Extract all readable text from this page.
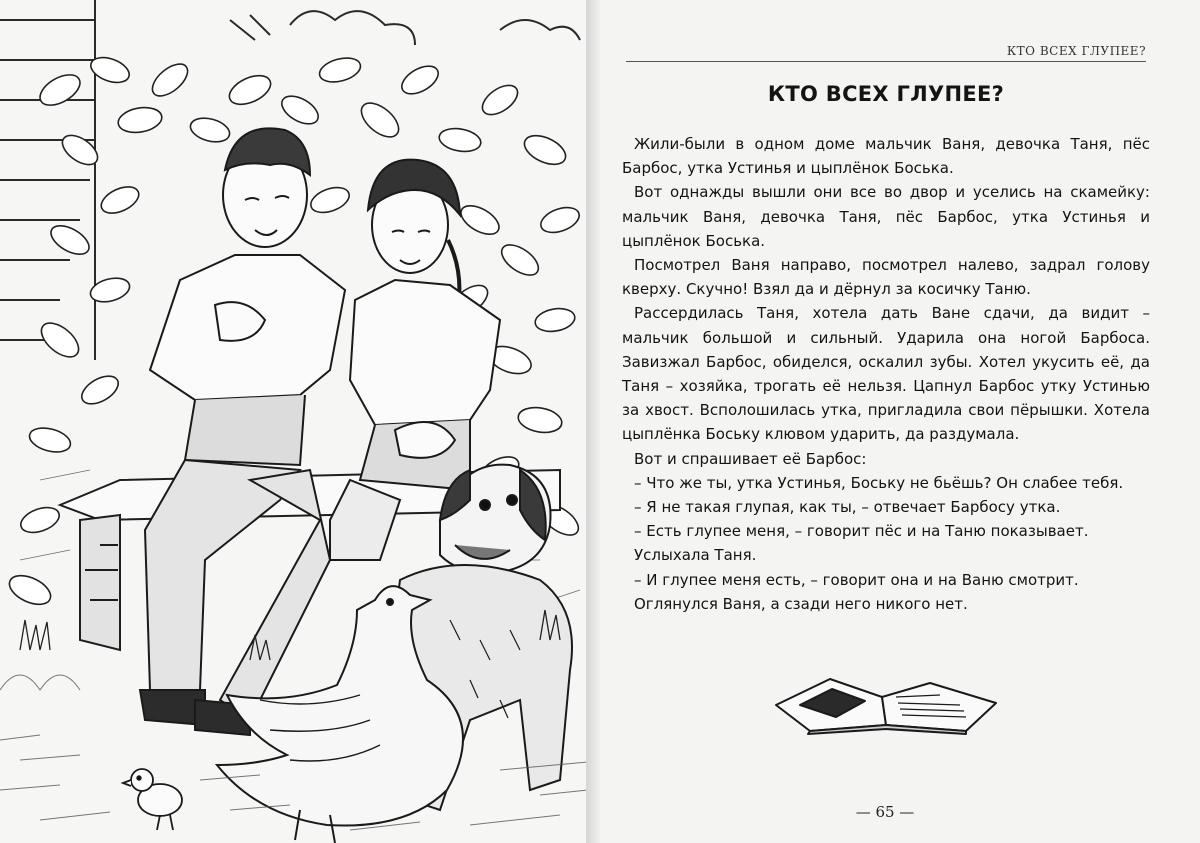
КТО ВСЕХ ГЛУПЕЕ?
КТО ВСЕХ ГЛУПЕЕ?

Жили-были в одном доме мальчик Ваня, девочка Таня, пёс Барбос, утка Устинья и цыплёнок Боська.

Вот однажды вышли они все во двор и уселись на скамейку: мальчик Ваня, девочка Таня, пёс Барбос, утка Устинья и цыплёнок Боська.

Посмотрел Ваня направо, посмотрел налево, задрал голову кверху. Скучно! Взял да и дёрнул за косичку Таню.

Рассердилась Таня, хотела дать Ване сдачи, да видит – мальчик большой и сильный. Ударила она ногой Барбоса. Завизжал Барбос, обиделся, оскалил зубы. Хотел укусить её, да Таня – хозяйка, трогать её нельзя. Цапнул Барбос утку Устинью за хвост. Всполошилась утка, пригладила свои пёрышки. Хотела цыплёнка Боську клювом ударить, да раздумала.

Вот и спрашивает её Барбос:

– Что же ты, утка Устинья, Боську не бьёшь? Он слабее тебя.

– Я не такая глупая, как ты, – отвечает Барбосу утка.

– Есть глупее меня, – говорит пёс и на Таню показывает.

Услыхала Таня.

– И глупее меня есть, – говорит она и на Ваню смотрит.

Оглянулся Ваня, а сзади него никого нет.

— 65 —
